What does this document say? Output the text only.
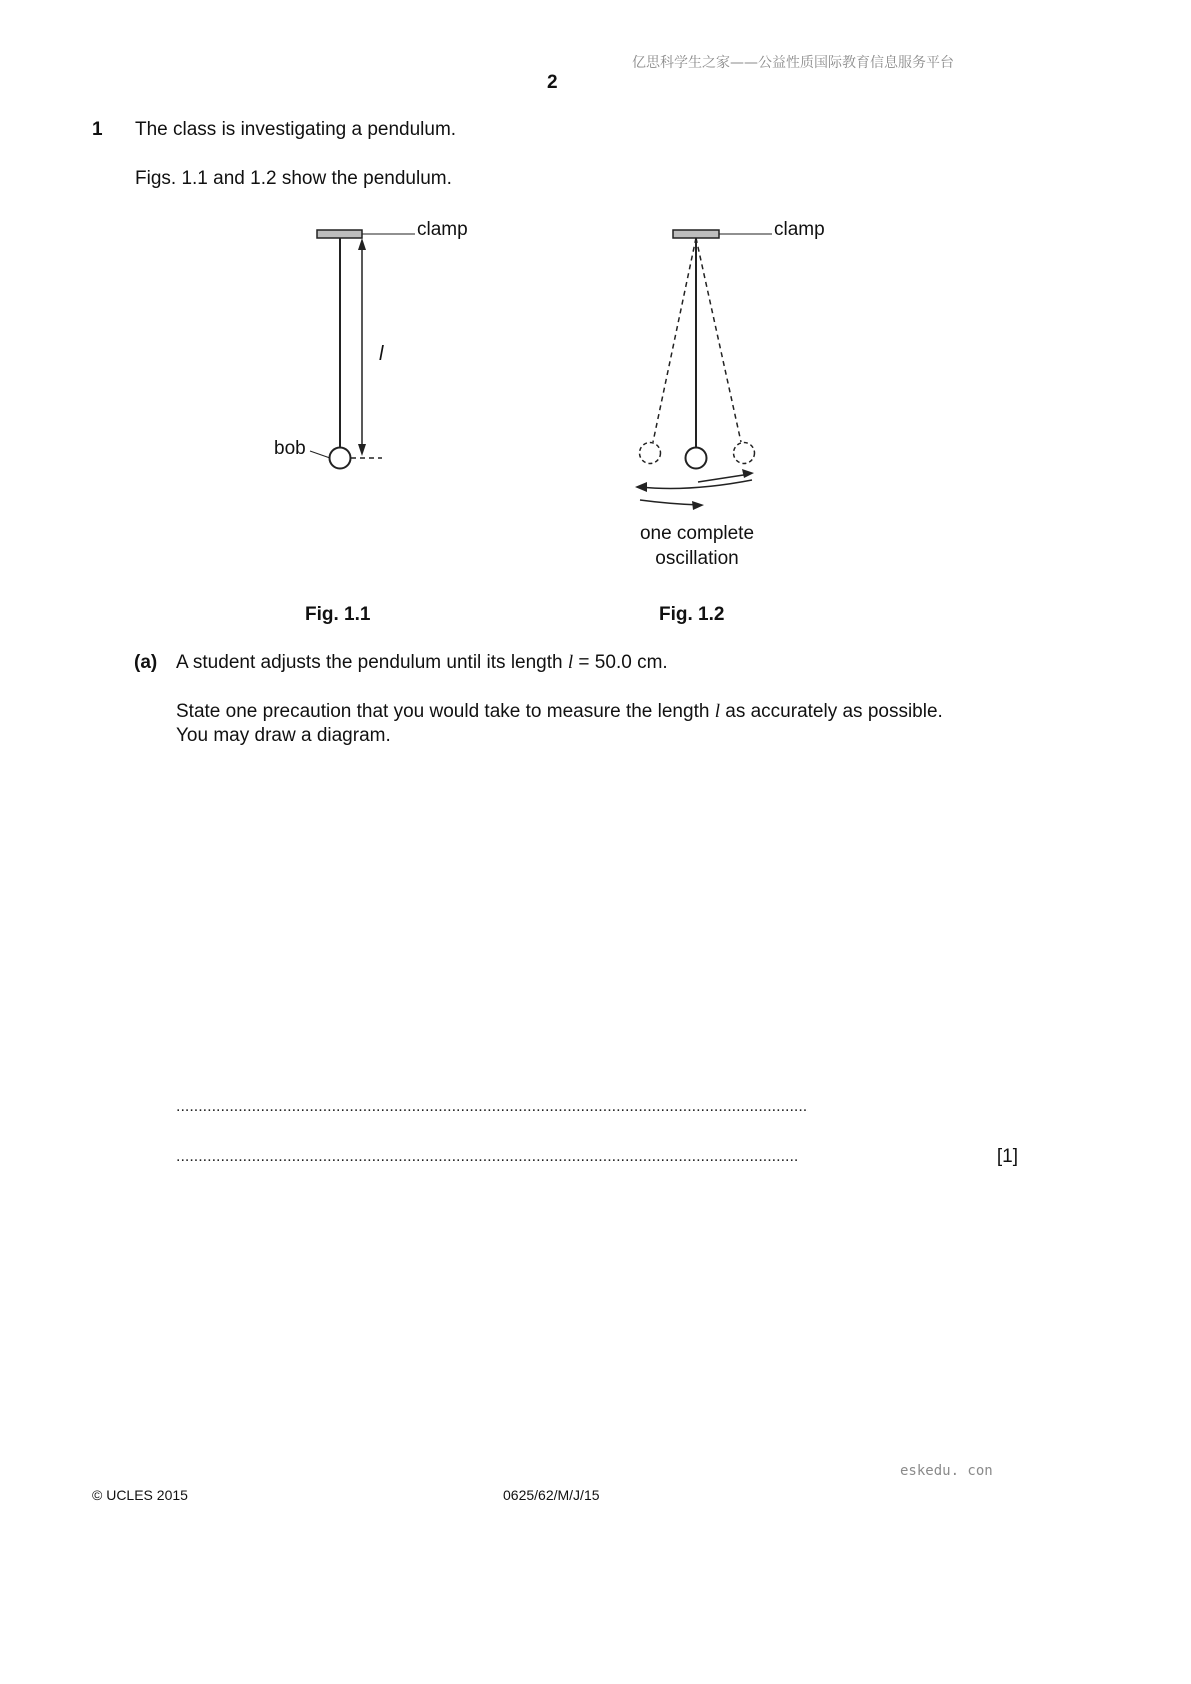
亿思科学生之家——公益性质国际教育信息服务平台
2
1 The class is investigating a pendulum.
Figs. 1.1 and 1.2 show the pendulum.
clamp
l
bob
clamp
one complete
oscillation
Fig. 1.1	Fig. 1.2
(a) A student adjusts the pendulum until its length l = 50.0 cm.
State one precaution that you would take to measure the length l as accurately as possible.
You may draw a diagram.
..............................................................................................................................................
............................................................................................................................................	[1]
eskedu. con
© UCLES 2015	0625/62/M/J/15
